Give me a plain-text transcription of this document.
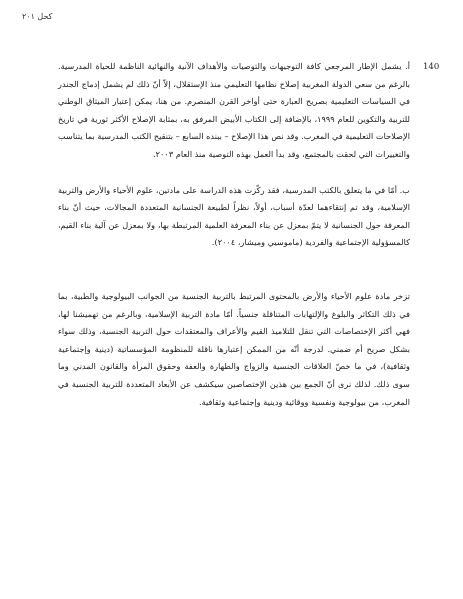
كحل ٢٠١
140

أ. يشمل الإطار المرجعي كافة التوجيهات والتوصيات والأهداف الآنية والنهائية الناظمة للحياة المدرسية. بالرغم من سعي الدولة المغربية إصلاح نظامها التعليمي منذ الإستقلال، إلاّ أنّ ذلك لم يشمل إدماج الجندر في السياسات التعليمية بصريح العبارة حتى أواخر القرن المنصرم. من هنا، يمكن إعتبار الميثاق الوطني للتربية والتكوين للعام ١٩٩٩، بالإضافة إلى الكتاب الأبيض المرفق به، بمثابة الإصلاح الأكثر ثورية في تاريخ الإصلاحات التعليمية في المغرب. وقد نص هذا الإصلاح – ببنده السابع – بتنقيح الكتب المدرسية بما يتناسب والتغييرات التي لحقت بالمجتمع، وقد بدأ العمل بهذه التوصية منذ العام ٢٠٠٣.

ب. أمّا في ما يتعلق بالكتب المدرسية، فقد ركّزت هذه الدراسة على مادتين، علوم الأحياء والأرض والتربية الإسلامية، وقد تم إنتقاءهما لعدّة أسباب، أولاً، نظراً لطبيعة الجنسانية المتعددة المجالات، حيث أنّ بناء المعرفة حول الجنسانية لا يتمّ بمعزل عن بناء المعرفة العلمية المرتبطة بها، ولا بمعزل عن آلية بناء القيم، كالمسؤولية الإجتماعية والفردية (ماموسيي وميشار، ٢٠٠٤).

تزخر مادة علوم الأحياء والأرض بالمحتوى المرتبط بالتربية الجنسية من الجوانب البيولوجية والطبية، بما في ذلك التكاثر والبلوغ والإلتهابات المتناقلة جنسياً. أمّا مادة التربية الإسلامية، وبالرغم من تهميشنا لها، فهي أكثر الإختصاصات التي تنقل للتلاميذ القيم والأعراف والمعتقدات حول التربية الجنسية، وذلك سواء بشكل صريح أم ضمني. لدرجة أنّه من الممكن إعتبارها ناقلة للمنظومة المؤسساتية (دينية وإجتماعية وثقافية)، في ما خصّ العلاقات الجنسية والزواج والطهارة والعفة وحقوق المرأة والقانون المدني وما سوى ذلك. لذلك نرى أنّ الجمع بين هذين الإختصاصين سيكشف عن الأبعاد المتعددة للتربية الجنسية في المغرب، من بيولوجية ونفسية ووقائية ودينية وإجتماعية وثقافية.
